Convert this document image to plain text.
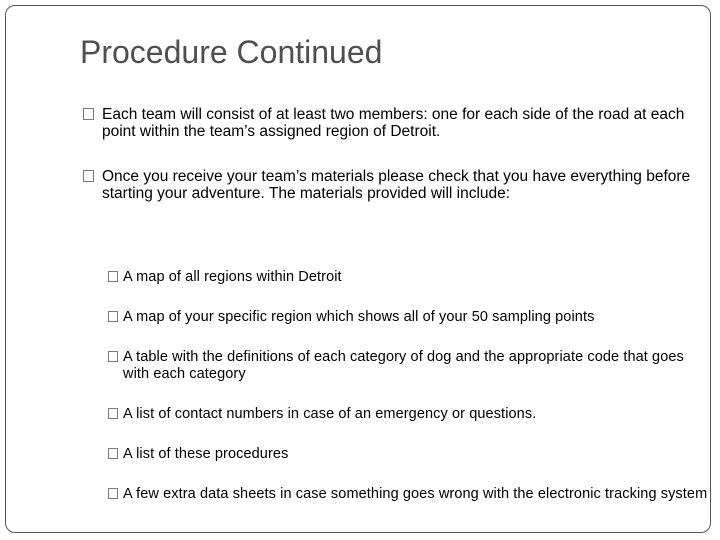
Procedure Continued
Each team will consist of at least two members: one for each side of the road at each point within the team’s assigned region of Detroit.
Once you receive your team’s materials please check that you have everything before starting your adventure. The materials provided will include:
A map of all regions within Detroit
A map of your specific region which shows all of your 50 sampling points
A table with the definitions of each category of dog and the appropriate code that goes with each category
A list of contact numbers in case of an emergency or questions.
A list of these procedures
A few extra data sheets in case something goes wrong with the electronic tracking system
